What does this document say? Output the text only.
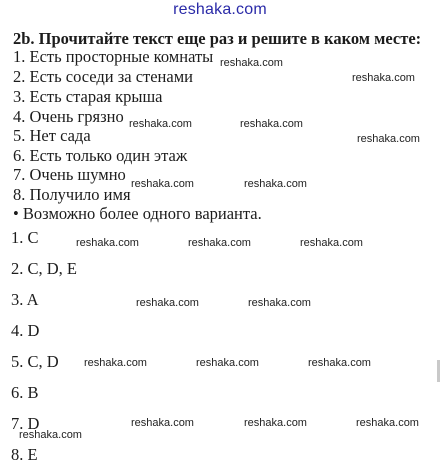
reshaka.com
2b. Прочитайте текст еще раз и решите в каком месте:
1. Есть просторные комнаты
2. Есть соседи за стенами
3. Есть старая крыша
4. Очень грязно
5. Нет сада
6. Есть только один этаж
7. Очень шумно
8. Получило имя
• Возможно более одного варианта.
1. C
2. C, D, E
3. A
4. D
5. C, D
6. B
7. D
8. E
reshaka.com
reshaka.com
reshaka.com	reshaka.com
reshaka.com
reshaka.com	reshaka.com
reshaka.com	reshaka.com	reshaka.com
reshaka.com	reshaka.com
reshaka.com	reshaka.com	reshaka.com
reshaka.com	reshaka.com	reshaka.com
reshaka.com
